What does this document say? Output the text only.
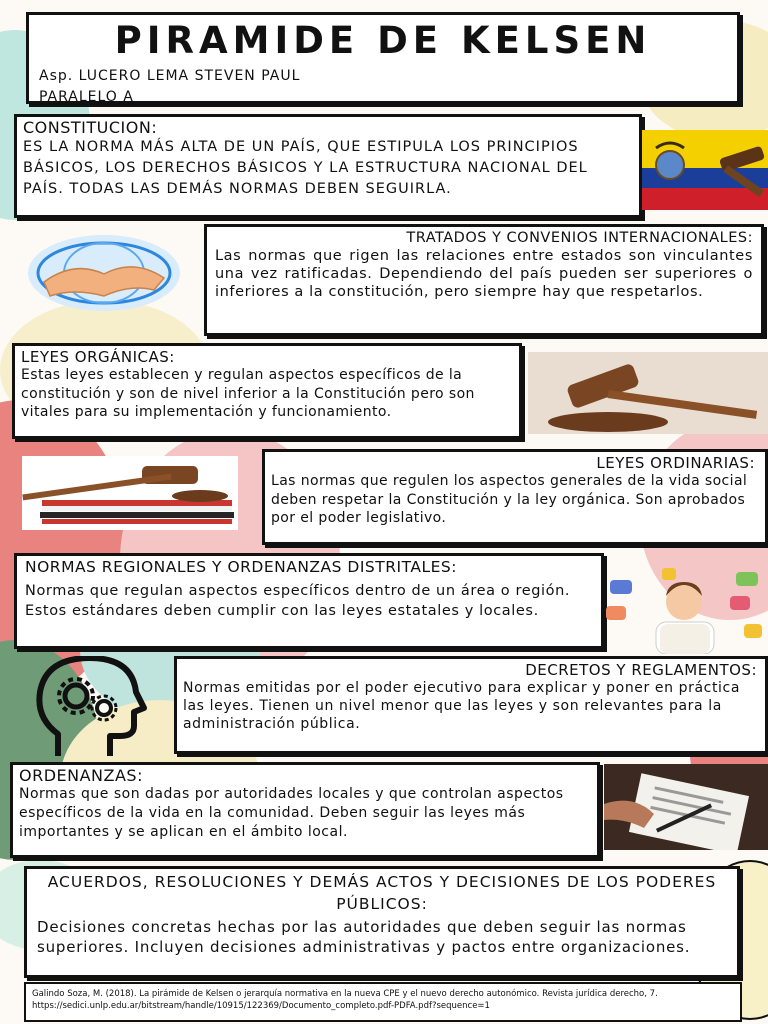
PIRAMIDE DE KELSEN
Asp. LUCERO LEMA STEVEN PAUL
PARALELO A
CONSTITUCION:
ES LA NORMA MÁS ALTA DE UN PAÍS, QUE ESTIPULA LOS PRINCIPIOS BÁSICOS, LOS DERECHOS BÁSICOS Y LA ESTRUCTURA NACIONAL DEL PAÍS. TODAS LAS DEMÁS NORMAS DEBEN SEGUIRLA.
TRATADOS Y CONVENIOS INTERNACIONALES:
Las normas que rigen las relaciones entre estados son vinculantes una vez ratificadas. Dependiendo del país pueden ser superiores o inferiores a la constitución, pero siempre hay que respetarlos.
LEYES ORGÁNICAS:
Estas leyes establecen y regulan aspectos específicos de la constitución y son de nivel inferior a la Constitución pero son vitales para su implementación y funcionamiento.
LEYES ORDINARIAS:
Las normas que regulen los aspectos generales de la vida social deben respetar la Constitución y la ley orgánica. Son aprobados por el poder legislativo.
NORMAS REGIONALES Y ORDENANZAS DISTRITALES:
Normas que regulan aspectos específicos dentro de un área o región. Estos estándares deben cumplir con las leyes estatales y locales.
DECRETOS Y REGLAMENTOS:
Normas emitidas por el poder ejecutivo para explicar y poner en práctica las leyes. Tienen un nivel menor que las leyes y son relevantes para la administración pública.
ORDENANZAS:
Normas que son dadas por autoridades locales y que controlan aspectos específicos de la vida en la comunidad. Deben seguir las leyes más importantes y se aplican en el ámbito local.
ACUERDOS, RESOLUCIONES Y DEMÁS ACTOS Y DECISIONES DE LOS PODERES PÚBLICOS:
Decisiones concretas hechas por las autoridades que deben seguir las normas superiores. Incluyen decisiones administrativas y pactos entre organizaciones.
Galindo Soza, M. (2018). La pirámide de Kelsen o jerarquía normativa en la nueva CPE y el nuevo derecho autonómico. Revista jurídica derecho, 7.
https://sedici.unlp.edu.ar/bitstream/handle/10915/122369/Documento_completo.pdf-PDFA.pdf?sequence=1
